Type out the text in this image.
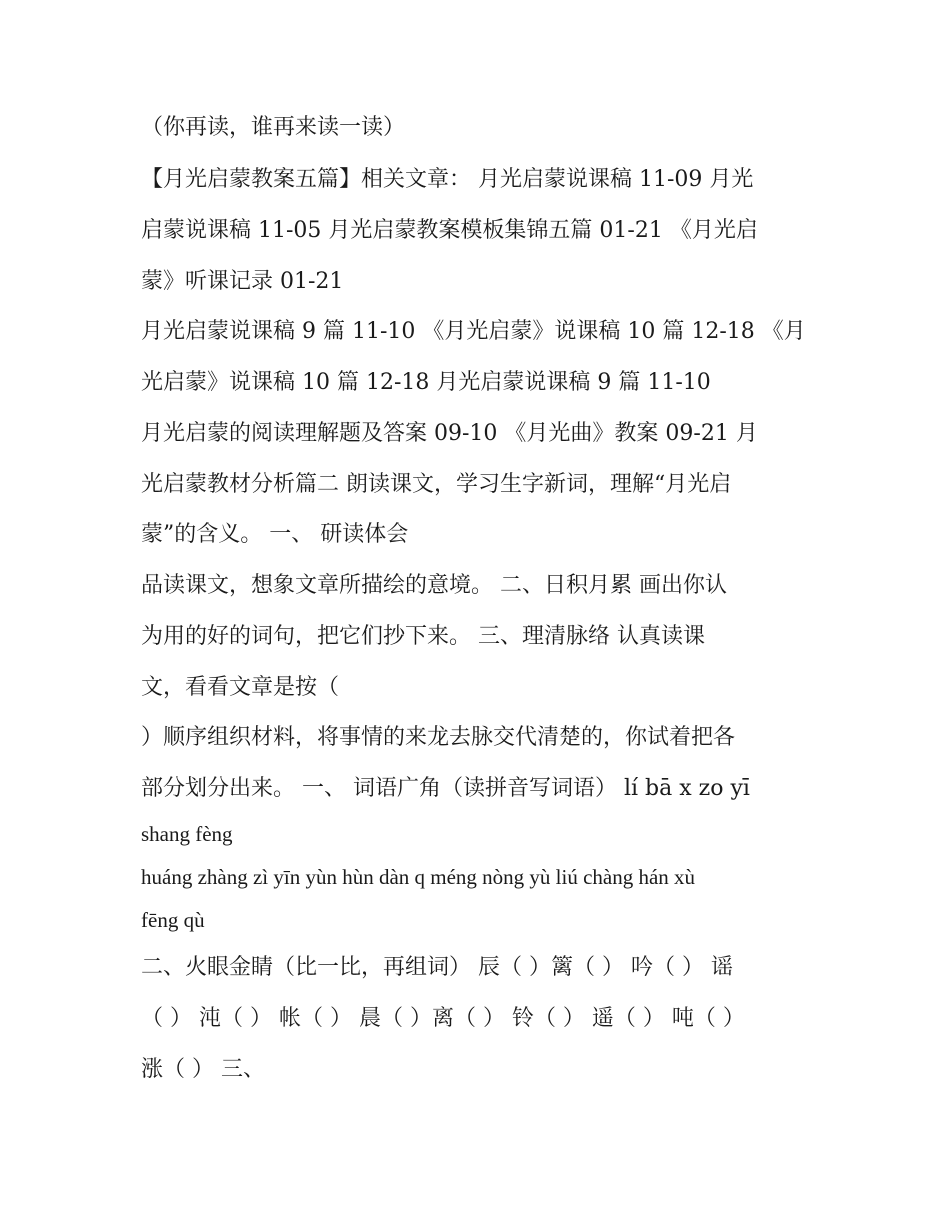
（你再读，谁再来读一读）
【月光启蒙教案五篇】相关文章： 月光启蒙说课稿 11-09 月光
启蒙说课稿 11-05 月光启蒙教案模板集锦五篇 01-21 《月光启
蒙》听课记录 01-21
月光启蒙说课稿 9 篇 11-10 《月光启蒙》说课稿 10 篇 12-18 《月
光启蒙》说课稿 10 篇 12-18 月光启蒙说课稿 9 篇 11-10
月光启蒙的阅读理解题及答案 09-10 《月光曲》教案 09-21 月
光启蒙教材分析篇二 朗读课文，学习生字新词，理解“月光启
蒙”的含义。 一、 研读体会
品读课文，想象文章所描绘的意境。 二、日积月累 画出你认
为用的好的词句，把它们抄下来。 三、理清脉络 认真读课
文，看看文章是按（
）顺序组织材料，将事情的来龙去脉交代清楚的，你试着把各
部分划分出来。 一、 词语广角（读拼音写词语） lí bā x zo yī
shang fèng
huáng zhàng zì yīn yùn hùn dàn q méng nòng yù liú chàng hán xù
fēng qù
二、火眼金睛（比一比，再组词） 辰（ ）篱（ ） 吟（ ） 谣
（ ） 沌（ ） 帐（ ） 晨（ ）离（ ） 铃（ ） 遥（ ） 吨（ ）
涨（ ） 三、
